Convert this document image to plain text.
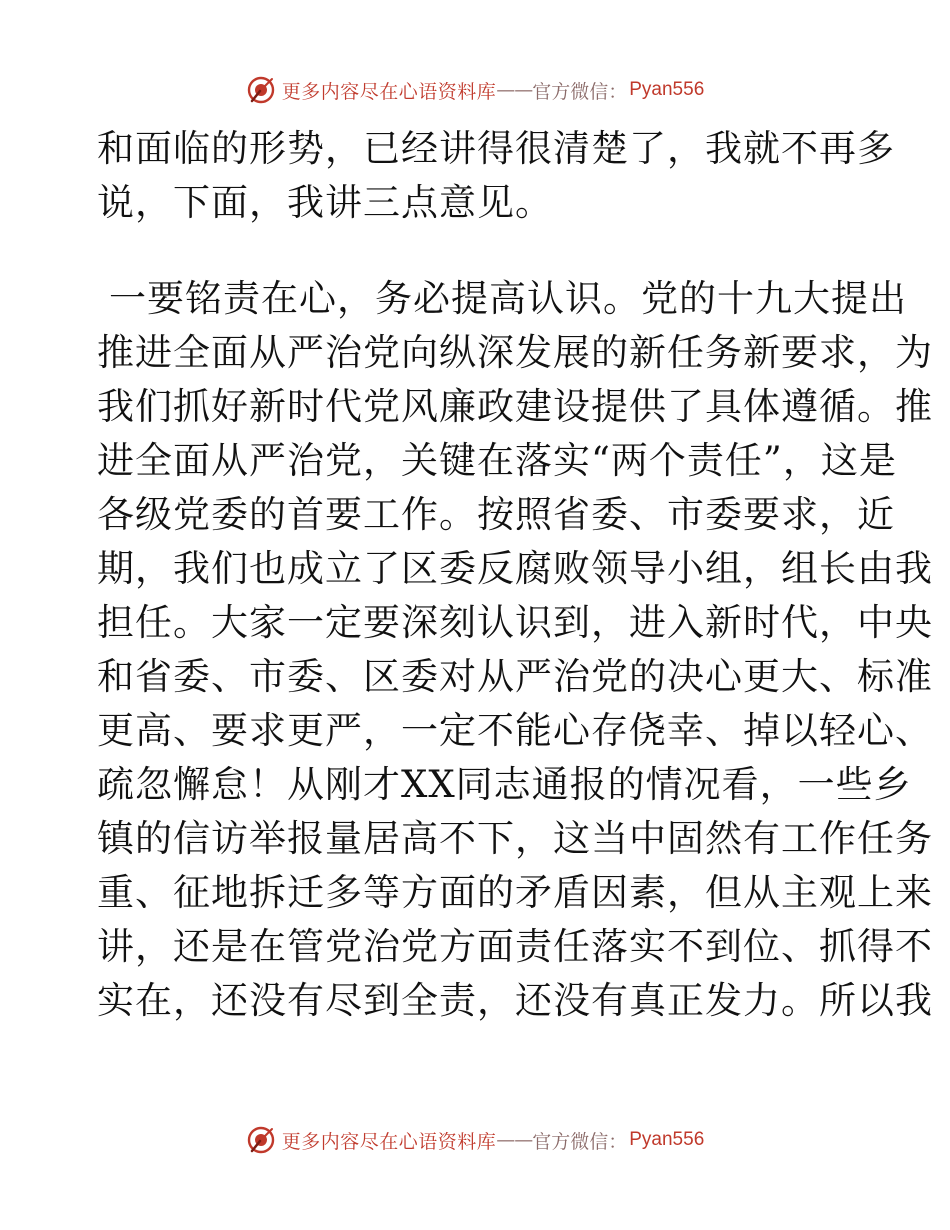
更多内容尽在心语资料库 —— 官方微信： Pyan556
和面临的形势，已经讲得很清楚了，我就不再多
说，下面，我讲三点意见。
一要铭责在心，务必提高认识。党的十九大提出
推进全面从严治党向纵深发展的新任务新要求，为
我们抓好新时代党风廉政建设提供了具体遵循。推
进全面从严治党，关键在落实“两个责任”，这是
各级党委的首要工作。按照省委、市委要求，近
期，我们也成立了区委反腐败领导小组，组长由我
担任。大家一定要深刻认识到，进入新时代，中央
和省委、市委、区委对从严治党的决心更大、标准
更高、要求更严，一定不能心存侥幸、掉以轻心、
疏忽懈怠！从刚才XX同志通报的情况看，一些乡
镇的信访举报量居高不下，这当中固然有工作任务
重、征地拆迁多等方面的矛盾因素，但从主观上来
讲，还是在管党治党方面责任落实不到位、抓得不
实在，还没有尽到全责，还没有真正发力。所以我
更多内容尽在心语资料库 —— 官方微信： Pyan556
